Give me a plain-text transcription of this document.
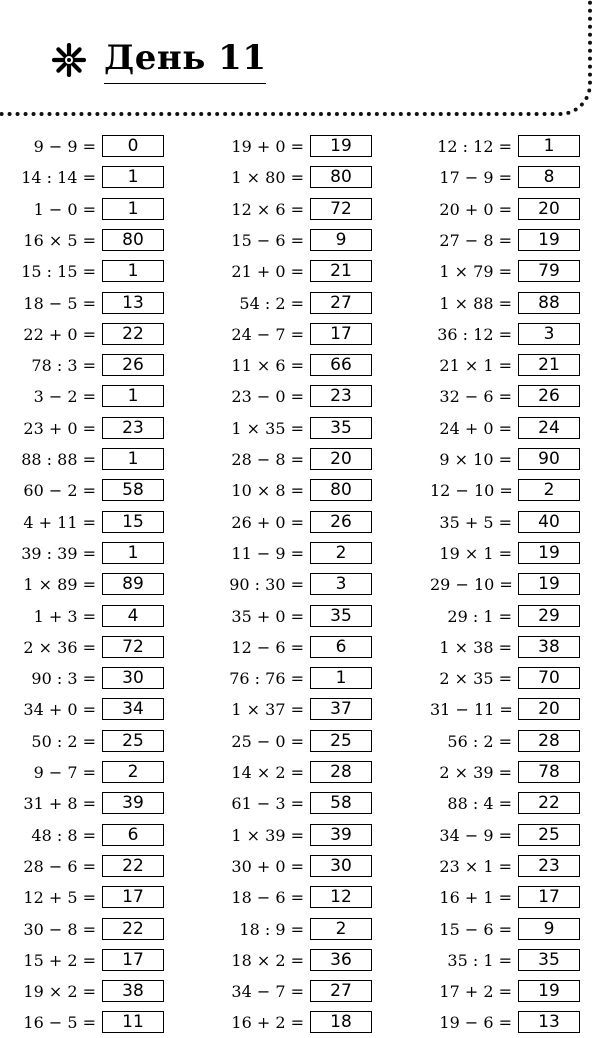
День 11
9 − 9 =	0
14 : 14 =	1
1 − 0 =	1
16 × 5 =	80
15 : 15 =	1
18 − 5 =	13
22 + 0 =	22
78 : 3 =	26
3 − 2 =	1
23 + 0 =	23
88 : 88 =	1
60 − 2 =	58
4 + 11 =	15
39 : 39 =	1
1 × 89 =	89
1 + 3 =	4
2 × 36 =	72
90 : 3 =	30
34 + 0 =	34
50 : 2 =	25
9 − 7 =	2
31 + 8 =	39
48 : 8 =	6
28 − 6 =	22
12 + 5 =	17
30 − 8 =	22
15 + 2 =	17
19 × 2 =	38
16 − 5 =	11
19 + 0 =	19
1 × 80 =	80
12 × 6 =	72
15 − 6 =	9
21 + 0 =	21
54 : 2 =	27
24 − 7 =	17
11 × 6 =	66
23 − 0 =	23
1 × 35 =	35
28 − 8 =	20
10 × 8 =	80
26 + 0 =	26
11 − 9 =	2
90 : 30 =	3
35 + 0 =	35
12 − 6 =	6
76 : 76 =	1
1 × 37 =	37
25 − 0 =	25
14 × 2 =	28
61 − 3 =	58
1 × 39 =	39
30 + 0 =	30
18 − 6 =	12
18 : 9 =	2
18 × 2 =	36
34 − 7 =	27
16 + 2 =	18
12 : 12 =	1
17 − 9 =	8
20 + 0 =	20
27 − 8 =	19
1 × 79 =	79
1 × 88 =	88
36 : 12 =	3
21 × 1 =	21
32 − 6 =	26
24 + 0 =	24
9 × 10 =	90
12 − 10 =	2
35 + 5 =	40
19 × 1 =	19
29 − 10 =	19
29 : 1 =	29
1 × 38 =	38
2 × 35 =	70
31 − 11 =	20
56 : 2 =	28
2 × 39 =	78
88 : 4 =	22
34 − 9 =	25
23 × 1 =	23
16 + 1 =	17
15 − 6 =	9
35 : 1 =	35
17 + 2 =	19
19 − 6 =	13
